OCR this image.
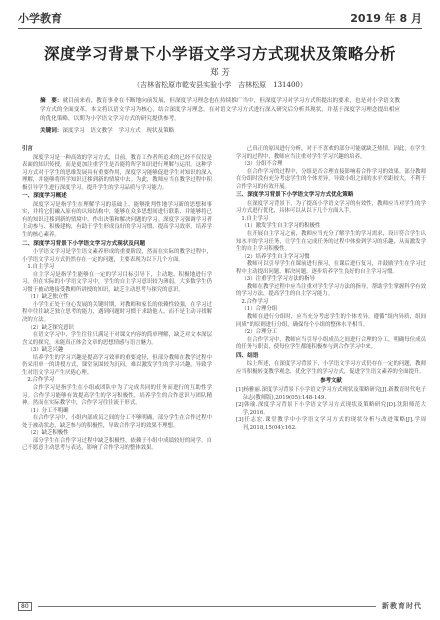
小学教育	2019 年 8 月
深度学习背景下小学语文学习方式现状及策略分析
郑 芳
（吉林省松原市乾安县实验小学　吉林松原　131400）
摘　要：就目前来看，教育事业在不断地向前发展，但深度学习理念也在持续推广当中，但深度学习对学习方式所提出的要求，也是对小学语文教学方式的全面变革。本文将以语文学习为核心，结合深度学习理念，在对语文学习方式进行深入研究后分析其现状，并基于深度学习理念提出相应的优化策略，以期为小学语文学习方式的研究提供参考。
关键词：深度学习　语文教学　学习方式　现状及策略
引言

深度学习是一种高效的学习方式，目前，教育工作者所追求的已经不仅仅是表面的知识传授，而是更加注重学生是否能将所学知识进行理解与运用。这种学习方式对于学生的思维发展具有重要作用，深度学习能够促进学生对知识的深入理解，并能够将所学知识迁移到新的情境中去。为此，教师应当在教学过程中积极引导学生进行深度学习，提升学生的学习品质与学习能力。

一、深度学习概述

深度学习是指学生在理解学习的基础上，能够批判性地学习新的思想和事实，并将它们融入原有的认知结构中，能够在众多思想间进行联系，并能够将已有的知识迁移到新的情境中，作出决策和解决问题的学习。深度学习强调学习者主动参与、积极建构，有助于学生形成良好的学习习惯，提高学习效率，培养学生的核心素养。

二、深度学习背景下小学语文学习方式现状及问题

小学语文学习是学生语文素养形成的重要阶段，然而在实际的教学过程中，小学语文学习方式仍然存在一定的问题，主要表现为以下几个方面。

1.自主学习

自主学习是指学生能够在一定的学习目标引导下，主动地、积极地进行学习。但在实际的小学语文学习中，学生的自主学习意识较为薄弱，大多数学生仍习惯于被动地接受教师所讲授的知识，缺乏主动思考与探究的意识。

（1）缺乏独立性

小学生正处于身心发展的关键时期，对教师和家长的依赖性较强，在学习过程中往往缺乏独立思考的能力，遇到问题时习惯于求助他人，而不是主动寻找解决的方法。

（2）缺乏探究意识

在语文学习中，学生往往只满足于对课文内容的简单理解，缺乏对文本深层含义的探究，未能真正体会文章的思想情感与语言魅力。

（3）缺乏兴趣

培养学生的学习兴趣是提高学习效率的重要途径，但部分教师在教学过程中仍采用单一的讲授方式，课堂氛围较为沉闷，难以激发学生的学习兴趣，导致学生对语文学习产生厌倦心理。

2.合作学习

合作学习是指学生在小组或团队中为了完成共同的任务而进行的互助性学习。合作学习能够有效提高学生的学习积极性，培养学生的合作意识与团队精神。然而在实际教学中，合作学习往往流于形式。

（1）分工不明确

在合作学习中，小组内部成员之间的分工不够明确，部分学生在合作过程中处于被动状态，缺乏参与的积极性，导致合作学习的效果不理想。

（2）缺乏积极性

部分学生在合作学习过程中缺乏积极性，依赖于小组中成绩较好的同学，自己不愿意主动思考与表达，影响了合作学习的整体效果。

己真正的原因进行分析，对于不喜欢的部分可能就缺乏热情。因此，在学生学习的过程中，教师应当注重对学生学习兴趣的培养。

（3）分组不合理

在合作学习的过程中，分组是否合理直接影响着合作学习的效果。部分教师在分组时没有充分考虑学生的个体差异，导致小组之间的水平差距较大，不利于合作学习的有效开展。

三、深度学习背景下小学语文学习方式优化策略

在深度学习背景下，为了提高小学语文学习的有效性，教师应当对学生的学习方式进行优化，具体可以从以下几个方面入手。

1.自主学习
（1）激发学生自主学习的积极性

在开展自主学习之前，教师应当充分了解学生的学习需求，设计符合学生认知水平的学习任务，让学生在完成任务的过程中体验到学习的乐趣，从而激发学生的自主学习积极性。

（2）培养学生自主学习习惯

教师可以引导学生在课前进行预习，在课后进行复习，并鼓励学生在学习过程中主动提出问题、解决问题，逐步培养学生良好的自主学习习惯。

（3）注重学生学习方法的指导

教师在教学过程中应当注重对学生学习方法的指导，帮助学生掌握科学有效的学习方法，提高学生的自主学习能力。

2.合作学习
（1）合理分组

教师在进行分组时，应当充分考虑学生的个体差异，遵循“组内异质、组间同质”的原则进行分组，确保每个小组的整体水平相当。

（2）合理分工

在合作学习中，教师应当引导小组成员之间进行合理的分工，明确每位成员的任务与职责，使每位学生都能积极参与到合作学习中来。

四、结语

综上所述，在深度学习背景下，小学语文学习方式仍存在一定的问题，教师应当积极转变教学观念，优化学生的学习方式，促进学生语文素养的全面提升。

参考文献

[1]杨雅丽.深度学习背景下小学语文学习方式现状及策略研究[J].新教育时代电子杂志(教师版),2019(05):148-149.

[2]韩瑜.深度学习背景下小学语文学习方式现状及策略研究[D].沈阳师范大学,2016.

[3]任志宏.课堂教学中小学语文学习方式的现状分析与改进策略[J].学周刊,2018,15(04):162.

80	新教育时代
